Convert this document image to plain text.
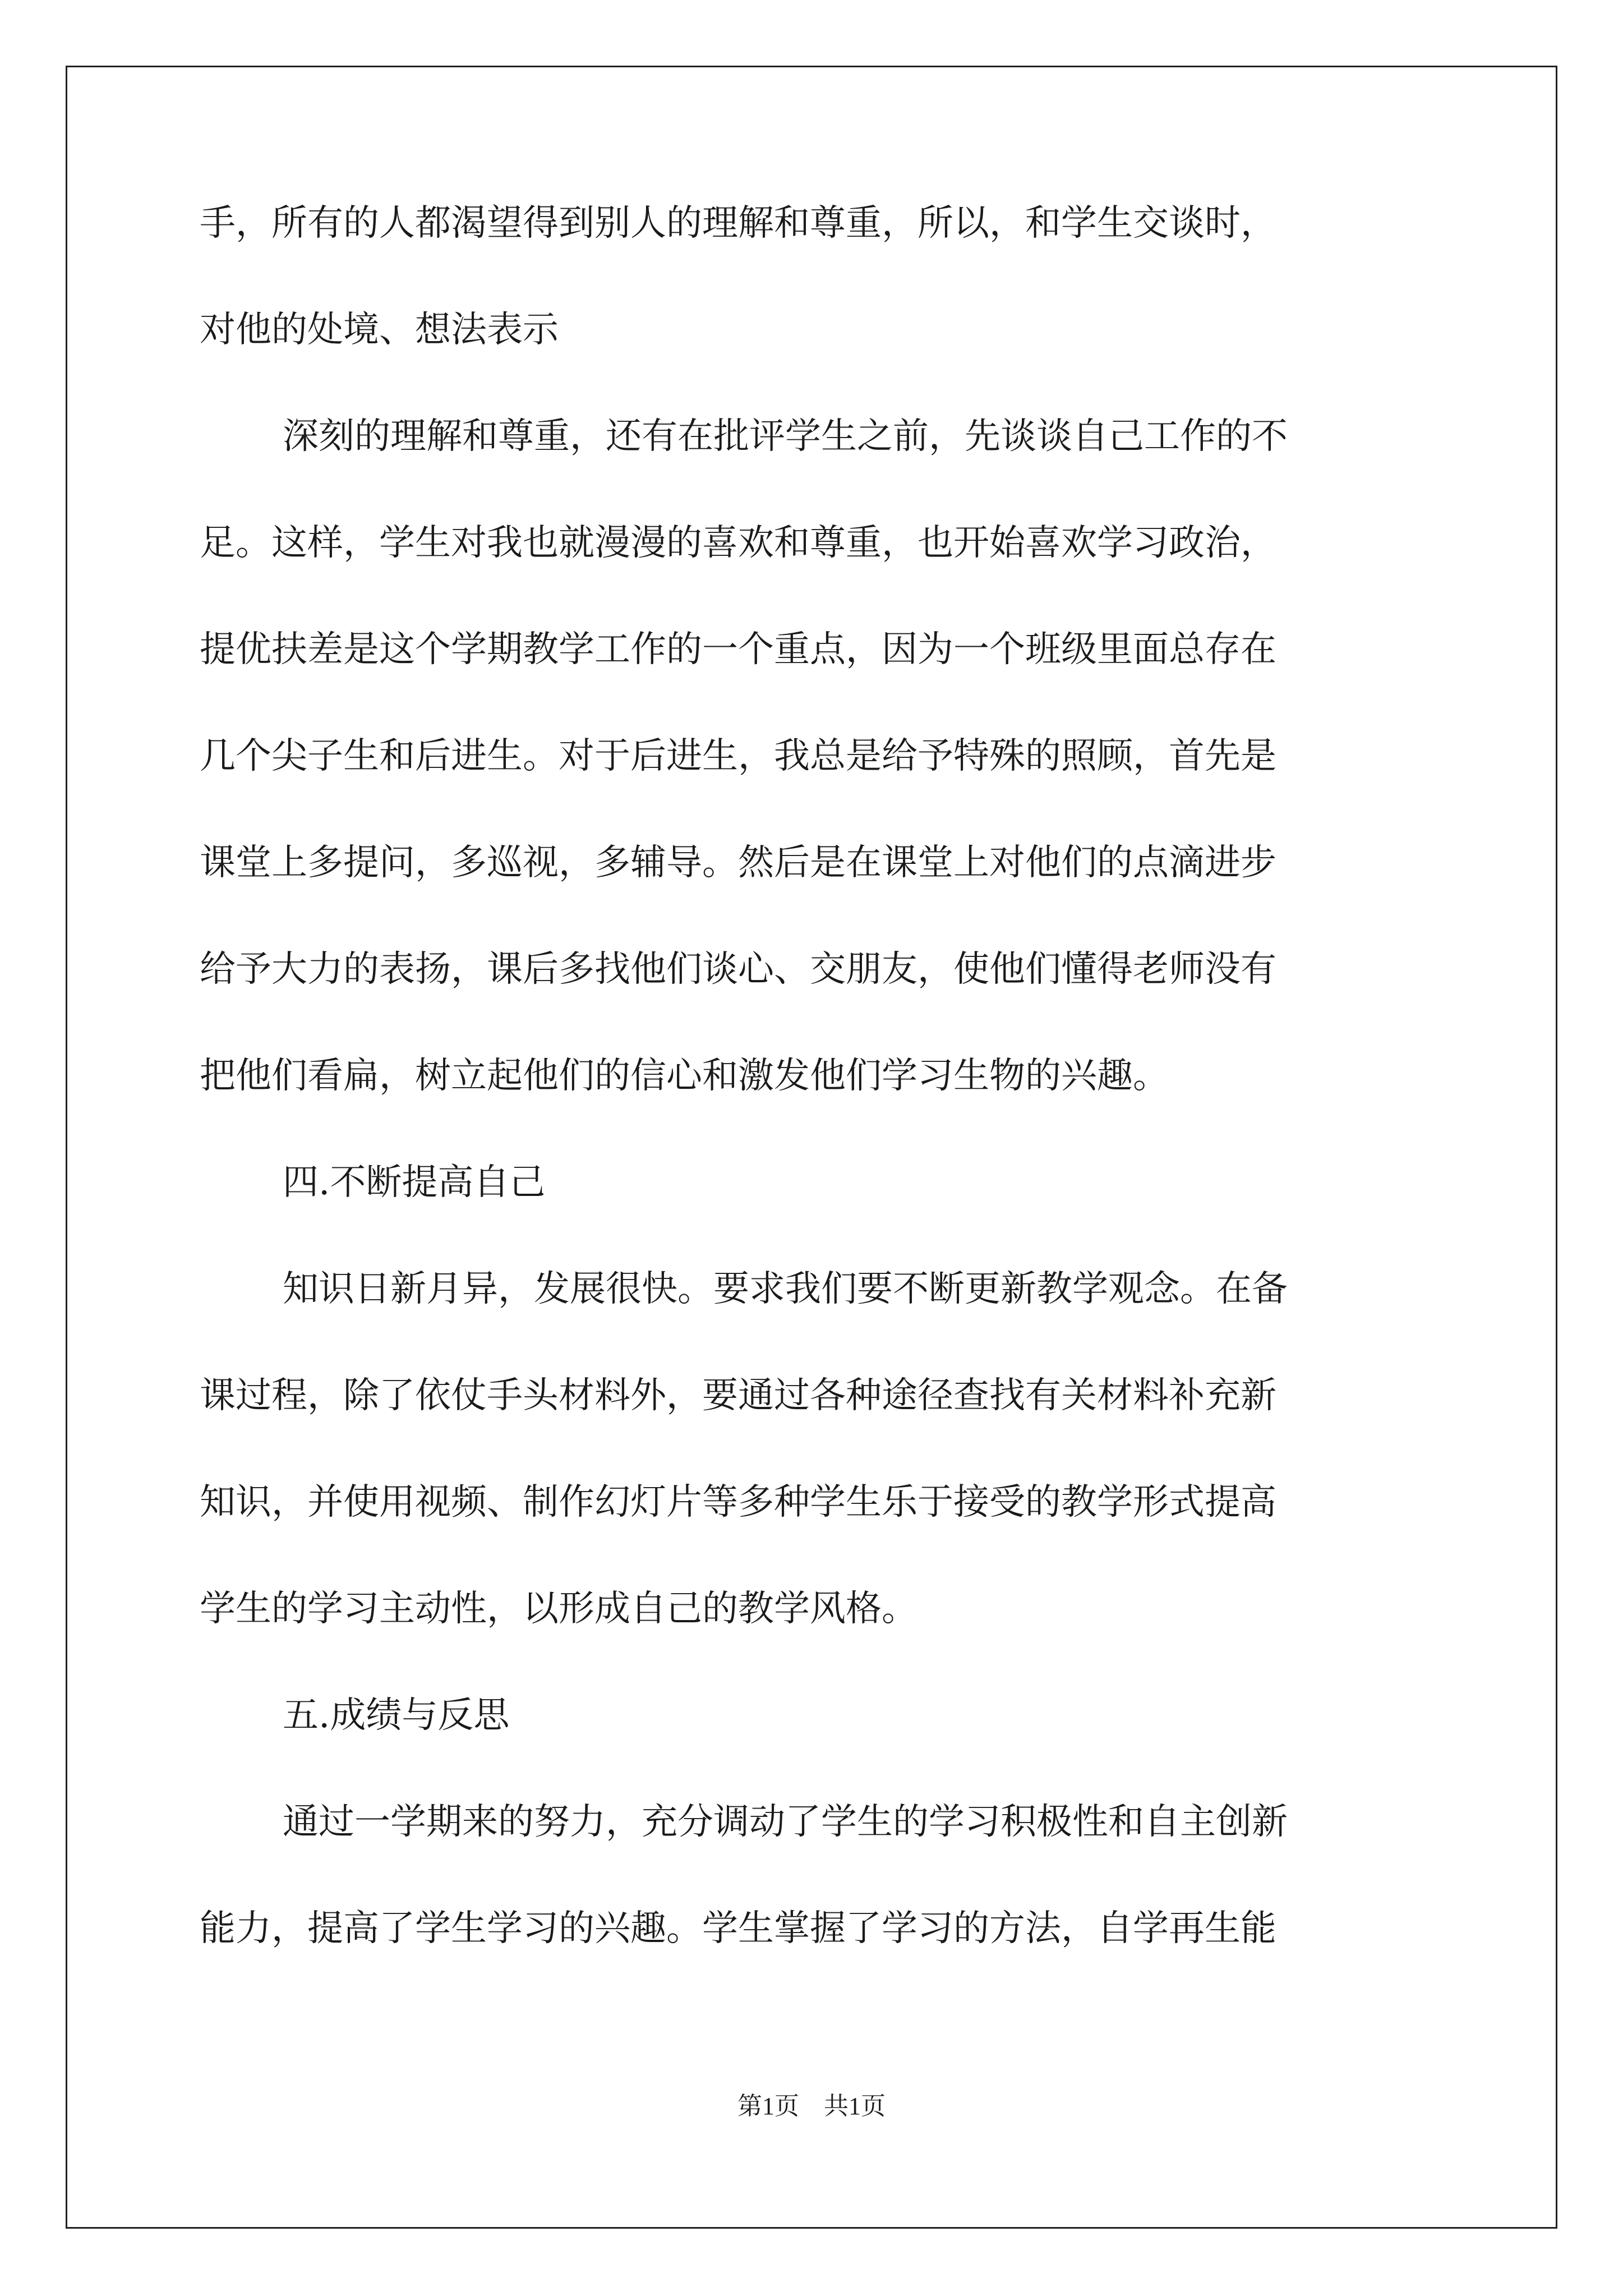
手，所有的人都渴望得到别人的理解和尊重，所以，和学生交谈时，
对他的处境、想法表示
深刻的理解和尊重，还有在批评学生之前，先谈谈自己工作的不
足。这样，学生对我也就漫漫的喜欢和尊重，也开始喜欢学习政治，
提优扶差是这个学期教学工作的一个重点，因为一个班级里面总存在
几个尖子生和后进生。对于后进生，我总是给予特殊的照顾，首先是
课堂上多提问，多巡视，多辅导。然后是在课堂上对他们的点滴进步
给予大力的表扬，课后多找他们谈心、交朋友，使他们懂得老师没有
把他们看扁，树立起他们的信心和激发他们学习生物的兴趣。
四.不断提高自己
知识日新月异，发展很快。要求我们要不断更新教学观念。在备
课过程，除了依仗手头材料外，要通过各种途径查找有关材料补充新
知识，并使用视频、制作幻灯片等多种学生乐于接受的教学形式提高
学生的学习主动性，以形成自己的教学风格。
五.成绩与反思
通过一学期来的努力，充分调动了学生的学习积极性和自主创新
能力，提高了学生学习的兴趣。学生掌握了学习的方法，自学再生能
第1页　共1页
